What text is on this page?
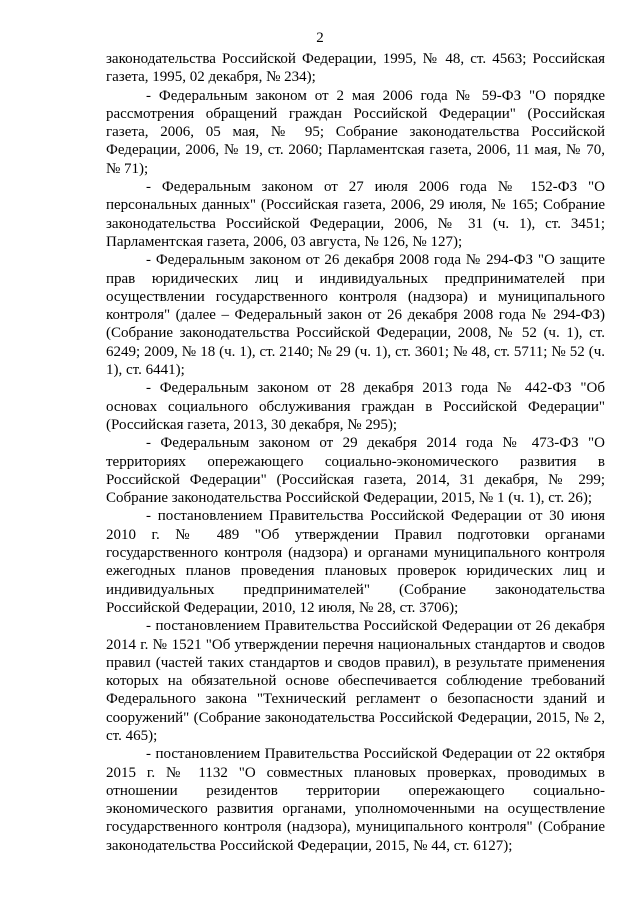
2

законодательства Российской Федерации, 1995, № 48, ст. 4563; Российская газета, 1995, 02 декабря, № 234);

- Федеральным законом от 2 мая 2006 года № 59-ФЗ "О порядке рассмотрения обращений граждан Российской Федерации" (Российская газета, 2006, 05 мая, № 95; Собрание законодательства Российской Федерации, 2006, № 19, ст. 2060; Парламентская газета, 2006, 11 мая, № 70, № 71);

- Федеральным законом от 27 июля 2006 года № 152-ФЗ "О персональных данных" (Российская газета, 2006, 29 июля, № 165; Собрание законодательства Российской Федерации, 2006, № 31 (ч. 1), ст. 3451; Парламентская газета, 2006, 03 августа, № 126, № 127);

- Федеральным законом от 26 декабря 2008 года № 294-ФЗ "О защите прав юридических лиц и индивидуальных предпринимателей при осуществлении государственного контроля (надзора) и муниципального контроля" (далее – Федеральный закон от 26 декабря 2008 года № 294-ФЗ) (Собрание законодательства Российской Федерации, 2008, № 52 (ч. 1), ст. 6249; 2009, № 18 (ч. 1), ст. 2140; № 29 (ч. 1), ст. 3601; № 48, ст. 5711; № 52 (ч. 1), ст. 6441);

- Федеральным законом от 28 декабря 2013 года № 442-ФЗ "Об основах социального обслуживания граждан в Российской Федерации" (Российская газета, 2013, 30 декабря, № 295);

- Федеральным законом от 29 декабря 2014 года № 473-ФЗ "О территориях опережающего социально-экономического развития в Российской Федерации" (Российская газета, 2014, 31 декабря, № 299; Собрание законодательства Российской Федерации, 2015, № 1 (ч. 1), ст. 26);

- постановлением Правительства Российской Федерации от 30 июня 2010 г. № 489 "Об утверждении Правил подготовки органами государственного контроля (надзора) и органами муниципального контроля ежегодных планов проведения плановых проверок юридических лиц и индивидуальных предпринимателей" (Собрание законодательства Российской Федерации, 2010, 12 июля, № 28, ст. 3706);

- постановлением Правительства Российской Федерации от 26 декабря 2014 г. № 1521 "Об утверждении перечня национальных стандартов и сводов правил (частей таких стандартов и сводов правил), в результате применения которых на обязательной основе обеспечивается соблюдение требований Федерального закона "Технический регламент о безопасности зданий и сооружений" (Собрание законодательства Российской Федерации, 2015, № 2, ст. 465);

- постановлением Правительства Российской Федерации от 22 октября 2015 г. № 1132 "О совместных плановых проверках, проводимых в отношении резидентов территории опережающего социально-экономического развития органами, уполномоченными на осуществление государственного контроля (надзора), муниципального контроля" (Собрание законодательства Российской Федерации, 2015, № 44, ст. 6127);
